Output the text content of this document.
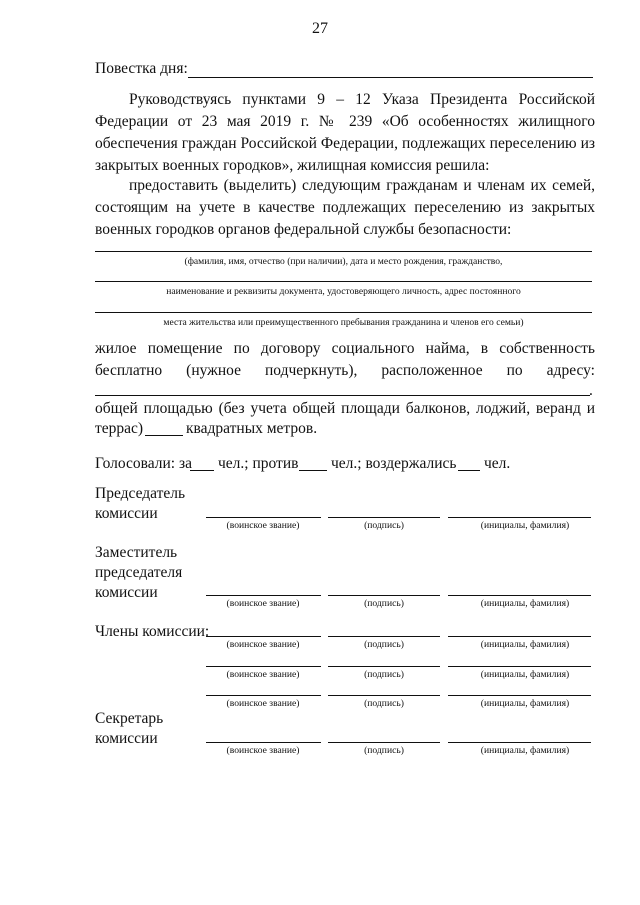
27
Повестка дня:
Руководствуясь пунктами 9 – 12 Указа Президента Российской
Федерации от 23 мая 2019 г. № 239 «Об особенностях жилищного
обеспечения граждан Российской Федерации, подлежащих переселению из
закрытых военных городков», жилищная комиссия решила:
предоставить (выделить) следующим гражданам и членам их семей,
состоящим на учете в качестве подлежащих переселению из закрытых
военных городков органов федеральной службы безопасности:
(фамилия, имя, отчество (при наличии), дата и место рождения, гражданство,
наименование и реквизиты документа, удостоверяющего личность, адрес постоянного
места жительства или преимущественного пребывания гражданина и членов его семьи)
жилое помещение по договору социального найма, в собственность
бесплатно (нужное подчеркнуть), расположенное по адресу:
.
общей площадью (без учета общей площади балконов, лоджий, веранд и
террас)	квадратных метров.
Голосовали: за чел.; против чел.; воздержались чел.
Председатель
комиссии
(воинское звание)	(подпись)	(инициалы, фамилия)
Заместитель
председателя
комиссии
(воинское звание)	(подпись)	(инициалы, фамилия)
Члены комиссии:
(воинское звание)	(подпись)	(инициалы, фамилия)
(воинское звание)	(подпись)	(инициалы, фамилия)
(воинское звание)	(подпись)	(инициалы, фамилия)
Секретарь
комиссии
(воинское звание)	(подпись)	(инициалы, фамилия)
